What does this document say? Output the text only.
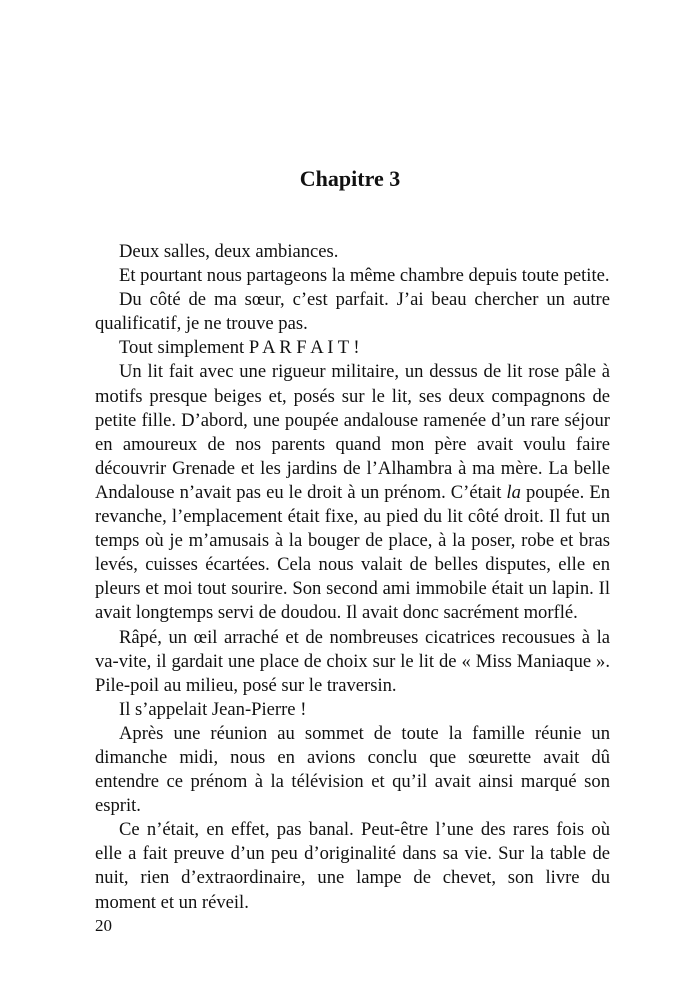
Chapitre 3

Deux salles, deux ambiances.

Et pourtant nous partageons la même chambre depuis toute petite.

Du côté de ma sœur, c’est parfait. J’ai beau chercher un autre qualificatif, je ne trouve pas.

Tout simplement P A R F A I T !

Un lit fait avec une rigueur militaire, un dessus de lit rose pâle à motifs presque beiges et, posés sur le lit, ses deux compagnons de petite fille. D’abord, une poupée andalouse ramenée d’un rare séjour en amoureux de nos parents quand mon père avait voulu faire découvrir Grenade et les jardins de l’Alhambra à ma mère. La belle Andalouse n’avait pas eu le droit à un prénom. C’était la poupée. En revanche, l’emplacement était fixe, au pied du lit côté droit. Il fut un temps où je m’amusais à la bouger de place, à la poser, robe et bras levés, cuisses écartées. Cela nous valait de belles disputes, elle en pleurs et moi tout sourire. Son second ami immobile était un lapin. Il avait longtemps servi de doudou. Il avait donc sacrément morflé.

Râpé, un œil arraché et de nombreuses cicatrices recousues à la va-vite, il gardait une place de choix sur le lit de « Miss Maniaque ». Pile-poil au milieu, posé sur le traversin.

Il s’appelait Jean-Pierre !

Après une réunion au sommet de toute la famille réunie un dimanche midi, nous en avions conclu que sœurette avait dû entendre ce prénom à la télévision et qu’il avait ainsi marqué son esprit.

Ce n’était, en effet, pas banal. Peut-être l’une des rares fois où elle a fait preuve d’un peu d’originalité dans sa vie. Sur la table de nuit, rien d’extraordinaire, une lampe de chevet, son livre du moment et un réveil.

20
